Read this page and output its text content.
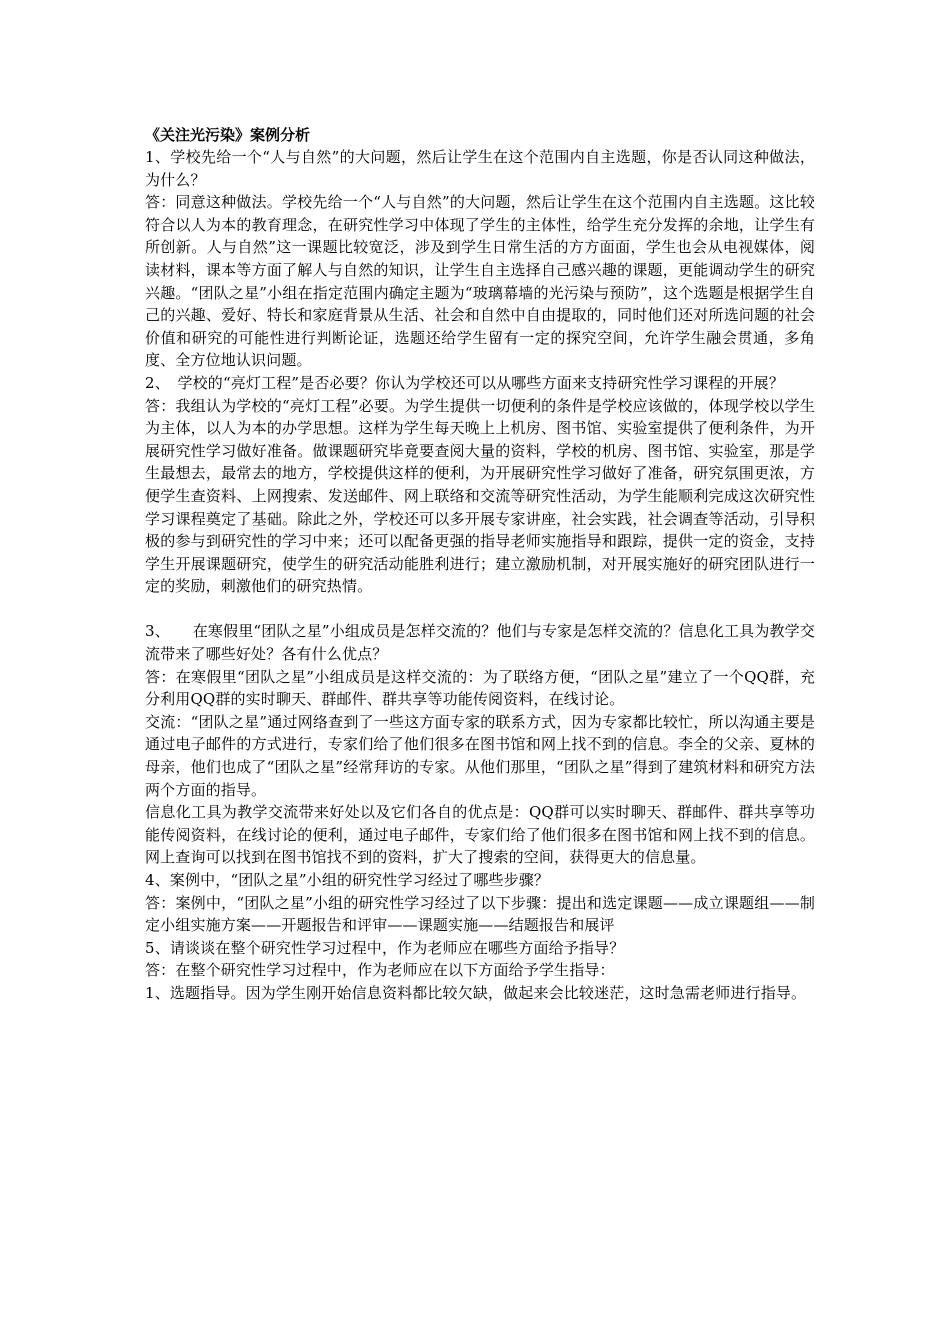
《关注光污染》案例分析

1、学校先给一个“人与自然”的大问题，然后让学生在这个范围内自主选题，你是否认同这种做法，为什么？

答：同意这种做法。学校先给一个“人与自然”的大问题，然后让学生在这个范围内自主选题。这比较符合以人为本的教育理念，在研究性学习中体现了学生的主体性，给学生充分发挥的余地，让学生有所创新。人与自然”这一课题比较宽泛，涉及到学生日常生活的方方面面，学生也会从电视媒体，阅读材料，课本等方面了解人与自然的知识，让学生自主选择自己感兴趣的课题，更能调动学生的研究兴趣。“团队之星”小组在指定范围内确定主题为“玻璃幕墙的光污染与预防”，这个选题是根据学生自己的兴趣、爱好、特长和家庭背景从生活、社会和自然中自由提取的，同时他们还对所选问题的社会价值和研究的可能性进行判断论证，选题还给学生留有一定的探究空间，允许学生融会贯通，多角度、全方位地认识问题。

2、　学校的“亮灯工程”是否必要？你认为学校还可以从哪些方面来支持研究性学习课程的开展？

答：我组认为学校的“亮灯工程”必要。为学生提供一切便利的条件是学校应该做的，体现学校以学生为主体，以人为本的办学思想。这样为学生每天晚上上机房、图书馆、实验室提供了便利条件，为开展研究性学习做好准备。做课题研究毕竟要查阅大量的资料，学校的机房、图书馆、实验室，那是学生最想去，最常去的地方，学校提供这样的便利，为开展研究性学习做好了准备，研究氛围更浓，方便学生查资料、上网搜索、发送邮件、网上联络和交流等研究性活动，为学生能顺利完成这次研究性学习课程奠定了基础。除此之外，学校还可以多开展专家讲座，社会实践，社会调查等活动，引导积极的参与到研究性的学习中来；还可以配备更强的指导老师实施指导和跟踪，提供一定的资金，支持学生开展课题研究，使学生的研究活动能胜利进行；建立激励机制，对开展实施好的研究团队进行一定的奖励，刺激他们的研究热情。

3、　　在寒假里“团队之星”小组成员是怎样交流的？他们与专家是怎样交流的？信息化工具为教学交流带来了哪些好处？各有什么优点？

答：在寒假里“团队之星”小组成员是这样交流的：为了联络方便，“团队之星”建立了一个QQ群，充分利用QQ群的实时聊天、群邮件、群共享等功能传阅资料，在线讨论。

交流：“团队之星”通过网络查到了一些这方面专家的联系方式，因为专家都比较忙，所以沟通主要是通过电子邮件的方式进行，专家们给了他们很多在图书馆和网上找不到的信息。李全的父亲、夏林的母亲，他们也成了“团队之星”经常拜访的专家。从他们那里，“团队之星”得到了建筑材料和研究方法两个方面的指导。

信息化工具为教学交流带来好处以及它们各自的优点是：QQ群可以实时聊天、群邮件、群共享等功能传阅资料，在线讨论的便利，通过电子邮件，专家们给了他们很多在图书馆和网上找不到的信息。网上查询可以找到在图书馆找不到的资料，扩大了搜索的空间，获得更大的信息量。

4、案例中，“团队之星”小组的研究性学习经过了哪些步骤？

答：案例中，“团队之星”小组的研究性学习经过了以下步骤：提出和选定课题——成立课题组——制定小组实施方案——开题报告和评审——课题实施——结题报告和展评

5、请谈谈在整个研究性学习过程中，作为老师应在哪些方面给予指导？

答：在整个研究性学习过程中，作为老师应在以下方面给予学生指导：

1、选题指导。因为学生刚开始信息资料都比较欠缺，做起来会比较迷茫，这时急需老师进行指导。
